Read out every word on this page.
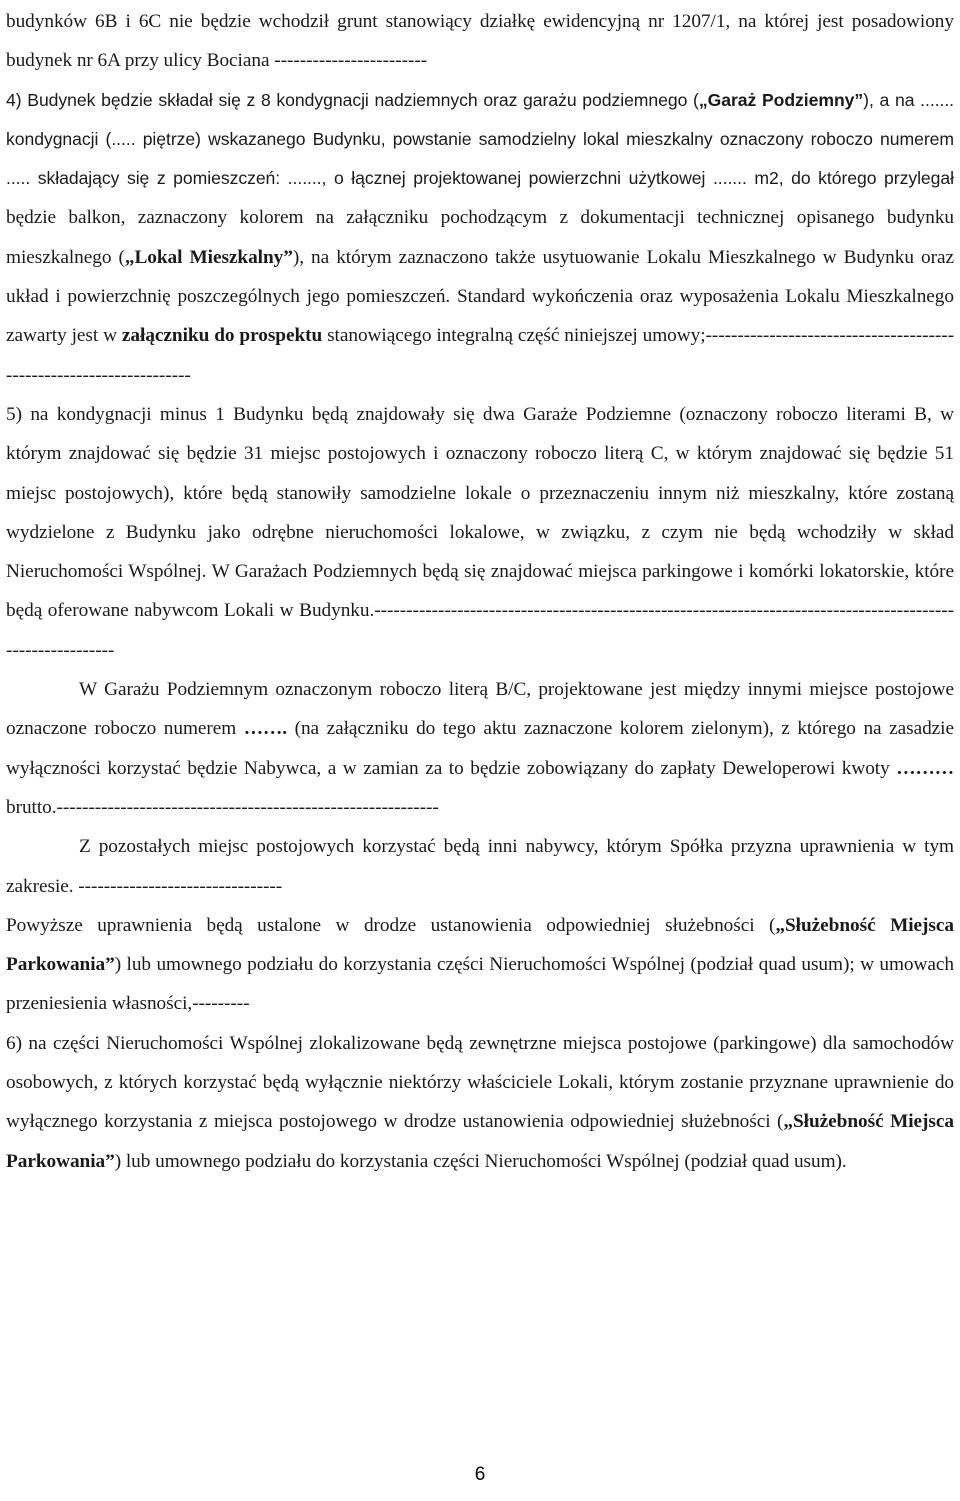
budynków 6B i 6C nie będzie wchodził grunt stanowiący działkę ewidencyjną nr 1207/1, na której jest posadowiony budynek nr 6A przy ulicy Bociana ------------------------

4) Budynek będzie składał się z 8 kondygnacji nadziemnych oraz garażu podziemnego („Garaż Podziemny”), a na ....... kondygnacji (..... piętrze) wskazanego Budynku, powstanie samodzielny lokal mieszkalny oznaczony roboczo numerem ..... składający się z pomieszczeń: ......., o łącznej projektowanej powierzchni użytkowej ....... m2, do którego przylegał będzie balkon, zaznaczony kolorem na załączniku pochodzącym z dokumentacji technicznej opisanego budynku mieszkalnego („Lokal Mieszkalny”), na którym zaznaczono także usytuowanie Lokalu Mieszkalnego w Budynku oraz układ i powierzchnię poszczególnych jego pomieszczeń. Standard wykończenia oraz wyposażenia Lokalu Mieszkalnego zawarty jest w załączniku do prospektu stanowiącego integralną część niniejszej umowy;--------------------------------------------------------------------

5) na kondygnacji minus 1 Budynku będą znajdowały się dwa Garaże Podziemne (oznaczony roboczo literami B, w którym znajdować się będzie 31 miejsc postojowych i oznaczony roboczo literą C, w którym znajdować się będzie 51 miejsc postojowych), które będą stanowiły samodzielne lokale o przeznaczeniu innym niż mieszkalny, które zostaną wydzielone z Budynku jako odrębne nieruchomości lokalowe, w związku, z czym nie będą wchodziły w skład Nieruchomości Wspólnej. W Garażach Podziemnych będą się znajdować miejsca parkingowe i komórki lokatorskie, które będą oferowane nabywcom Lokali w Budynku.------------------------------------------------------------------------------------------------------------

W Garażu Podziemnym oznaczonym roboczo literą B/C, projektowane jest między innymi miejsce postojowe oznaczone roboczo numerem ……. (na załączniku do tego aktu zaznaczone kolorem zielonym), z którego na zasadzie wyłączności korzystać będzie Nabywca, a w zamian za to będzie zobowiązany do zapłaty Deweloperowi kwoty ……… brutto.------------------------------------------------------------

Z pozostałych miejsc postojowych korzystać będą inni nabywcy, którym Spółka przyzna uprawnienia w tym zakresie. --------------------------------

Powyższe uprawnienia będą ustalone w drodze ustanowienia odpowiedniej służebności („Służebność Miejsca Parkowania”) lub umownego podziału do korzystania części Nieruchomości Wspólnej (podział quad usum); w umowach przeniesienia własności,---------

6) na części Nieruchomości Wspólnej zlokalizowane będą zewnętrzne miejsca postojowe (parkingowe) dla samochodów osobowych, z których korzystać będą wyłącznie niektórzy właściciele Lokali, którym zostanie przyznane uprawnienie do wyłącznego korzystania z miejsca postojowego w drodze ustanowienia odpowiedniej służebności („Służebność Miejsca Parkowania”) lub umownego podziału do korzystania części Nieruchomości Wspólnej (podział quad usum).

6
